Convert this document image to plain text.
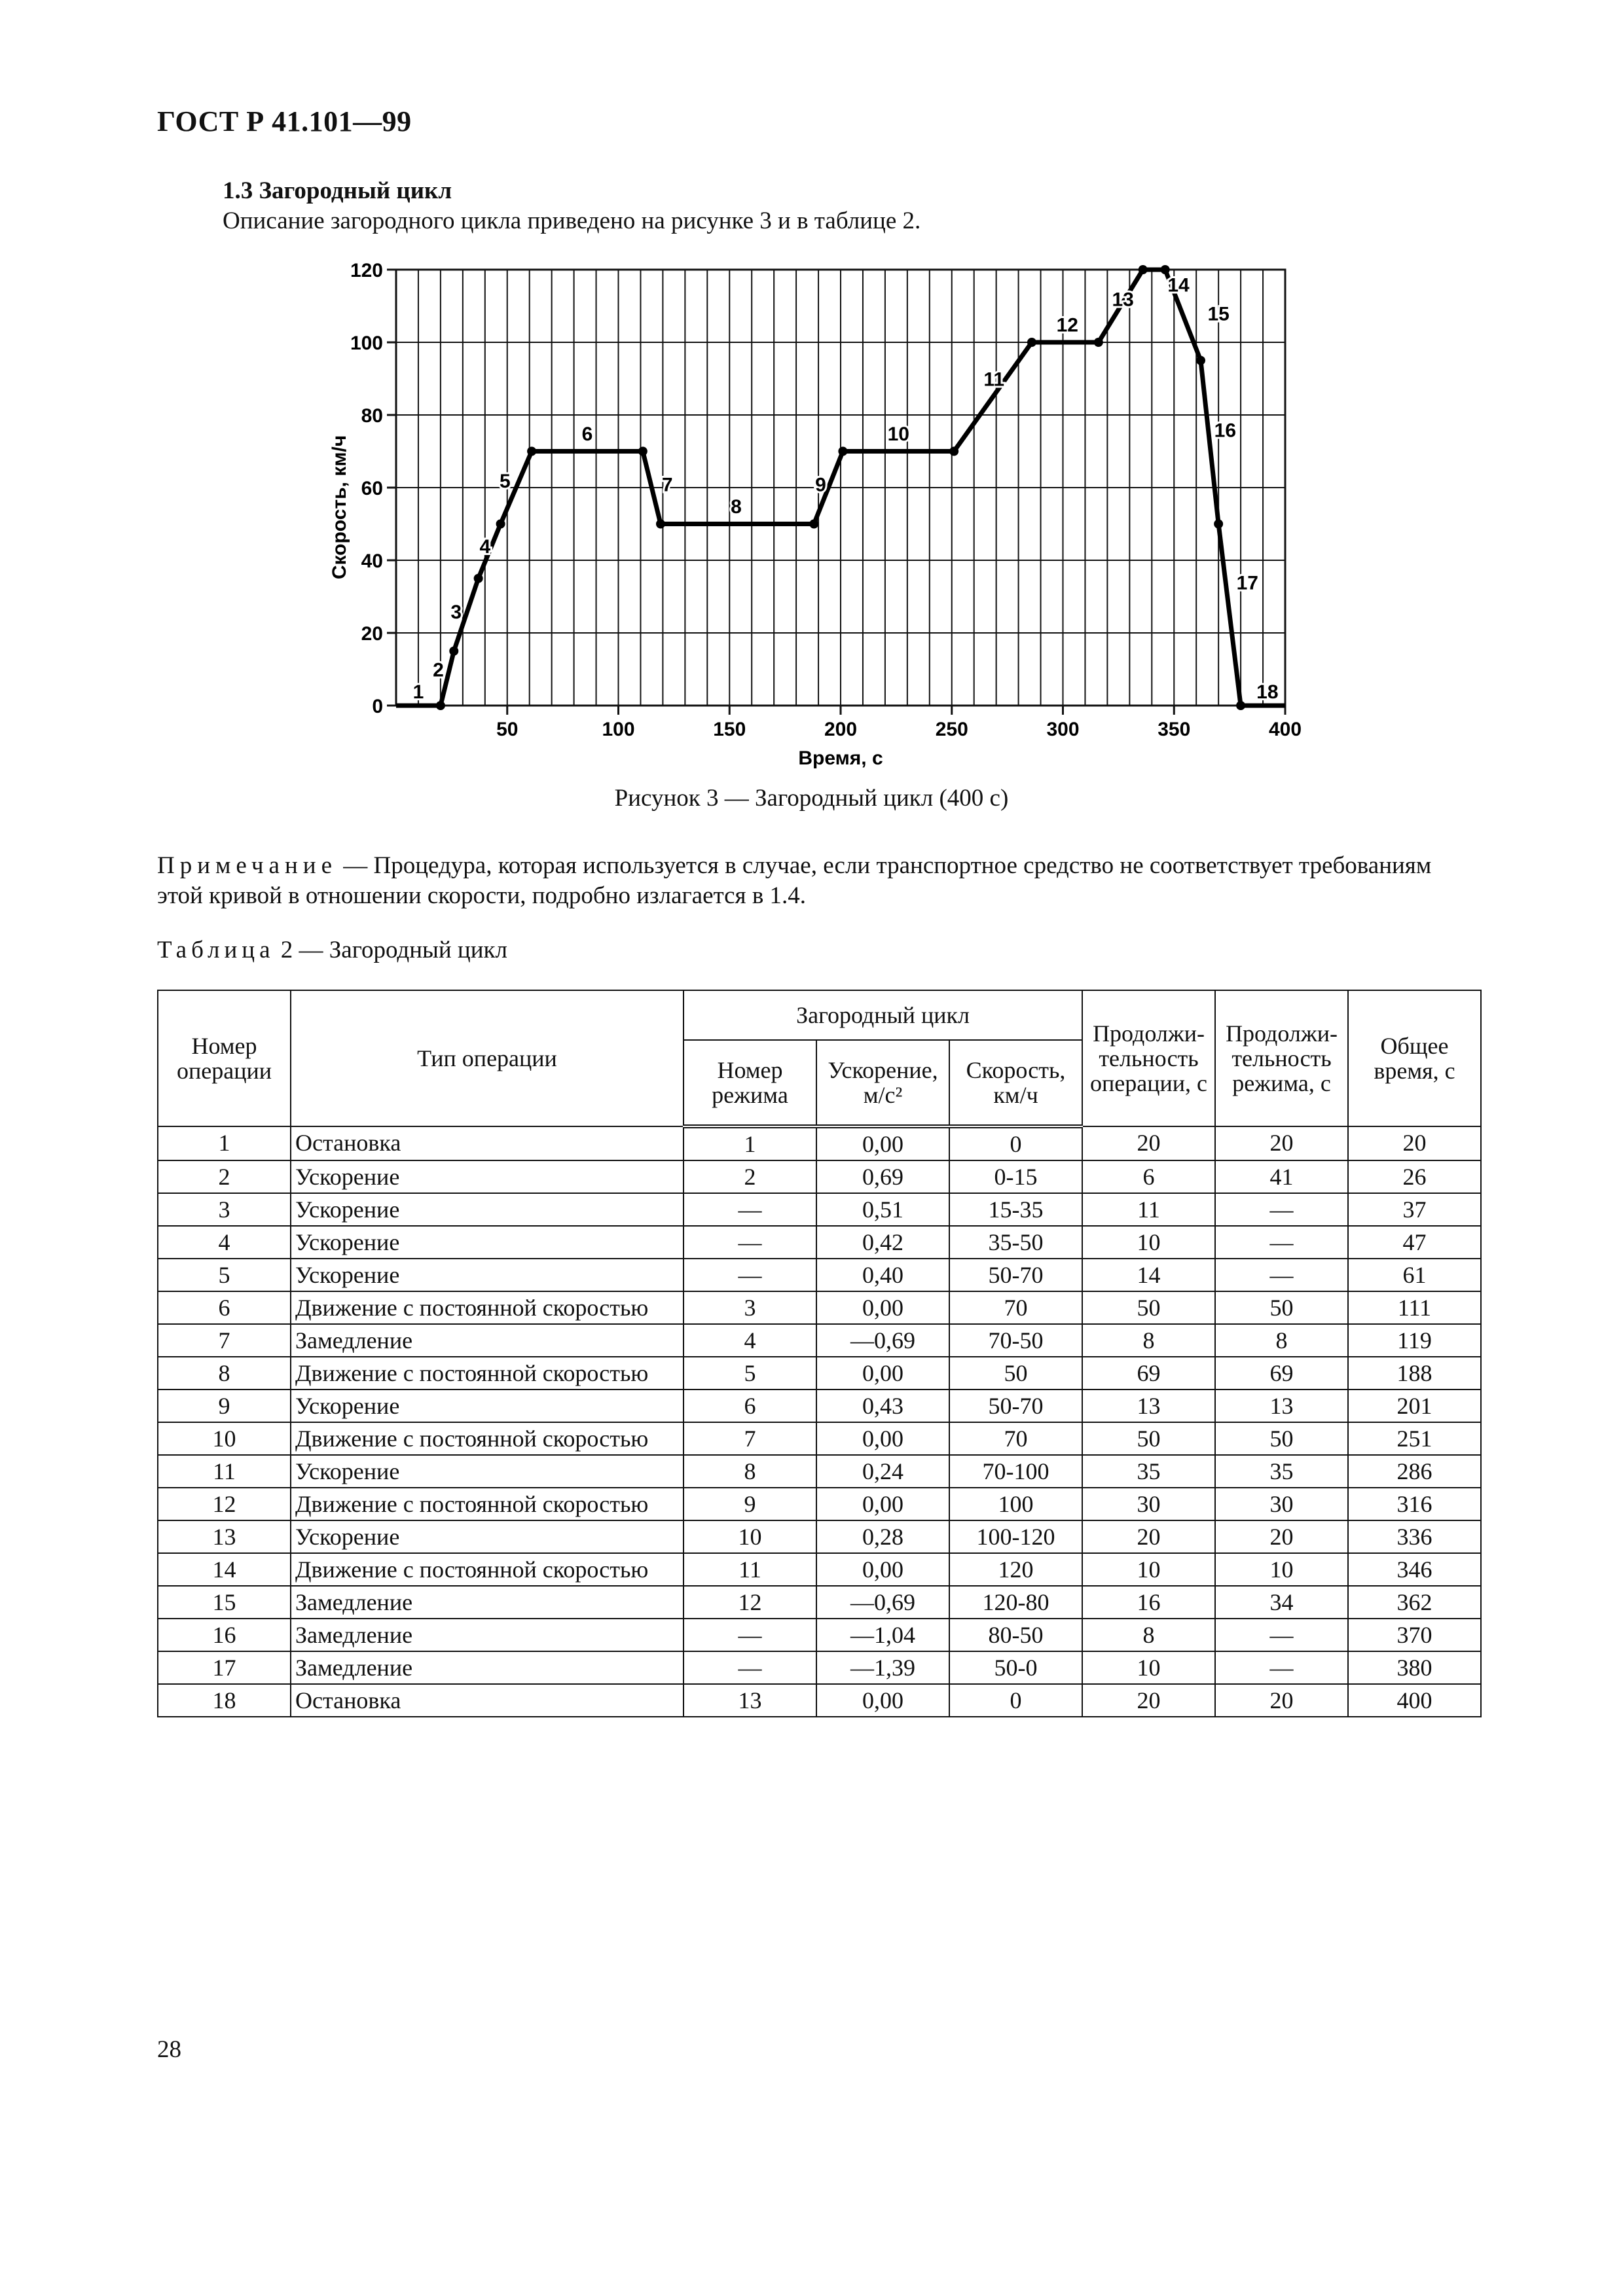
ГОСТ Р 41.101—99
1.3 Загородный цикл
Описание загородного цикла приведено на рисунке 3 и в таблице 2.
0
20
40
60
80
100
120
50	100	150	200	250	300	350	400
Время, с
Скорость, км/ч
1
2
3
4
5
6
7
8
9
10
11
12
13
14
15
16
17
18
Рисунок 3 — Загородный цикл (400 с)
Примечание — Процедура, которая используется в случае, если транспортное средство не соответствует требованиям этой кривой в отношении скорости, подробно излагается в 1.4.
Таблица 2 — Загородный цикл
Номер операции	Тип операции	Загородный цикл			Продолжи-тельность операции, с	Продолжи-тельность режима, с	Общее время, с
		Номер режима	Ускорение, м/с²	Скорость, км/ч			
1	Остановка	1	0,00	0	20	20	20
2	Ускорение	2	0,69	0-15	6	41	26
3	Ускорение	—	0,51	15-35	11	—	37
4	Ускорение	—	0,42	35-50	10	—	47
5	Ускорение	—	0,40	50-70	14	—	61
6	Движение с постоянной скоростью	3	0,00	70	50	50	111
7	Замедление	4	—0,69	70-50	8	8	119
8	Движение с постоянной скоростью	5	0,00	50	69	69	188
9	Ускорение	6	0,43	50-70	13	13	201
10	Движение с постоянной скоростью	7	0,00	70	50	50	251
11	Ускорение	8	0,24	70-100	35	35	286
12	Движение с постоянной скоростью	9	0,00	100	30	30	316
13	Ускорение	10	0,28	100-120	20	20	336
14	Движение с постоянной скоростью	11	0,00	120	10	10	346
15	Замедление	12	—0,69	120-80	16	34	362
16	Замедление	—	—1,04	80-50	8	—	370
17	Замедление	—	—1,39	50-0	10	—	380
18	Остановка	13	0,00	0	20	20	400
28
